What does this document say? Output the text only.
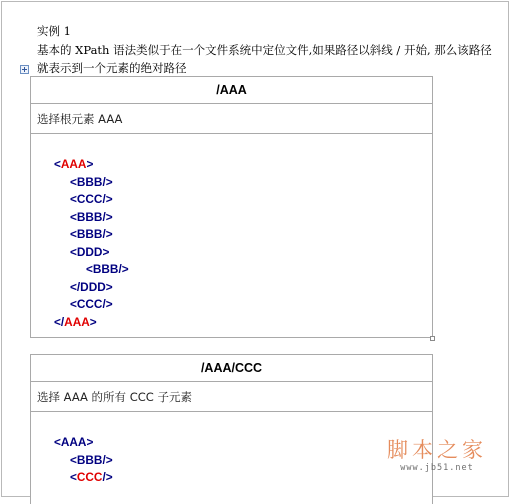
实例 1
基本的 XPath 语法类似于在一个文件系统中定位文件,如果路径以斜线 / 开始, 那么该路径
就表示到一个元素的绝对路径
/AAA
选择根元素 AAA
<AAA>
<BBB/>
<CCC/>
<BBB/>
<BBB/>
<DDD>
<BBB/>
</DDD>
<CCC/>
</AAA>
/AAA/CCC
选择 AAA 的所有 CCC 子元素
<AAA>
<BBB/>
<CCC/>
脚本之家
www.jb51.net
